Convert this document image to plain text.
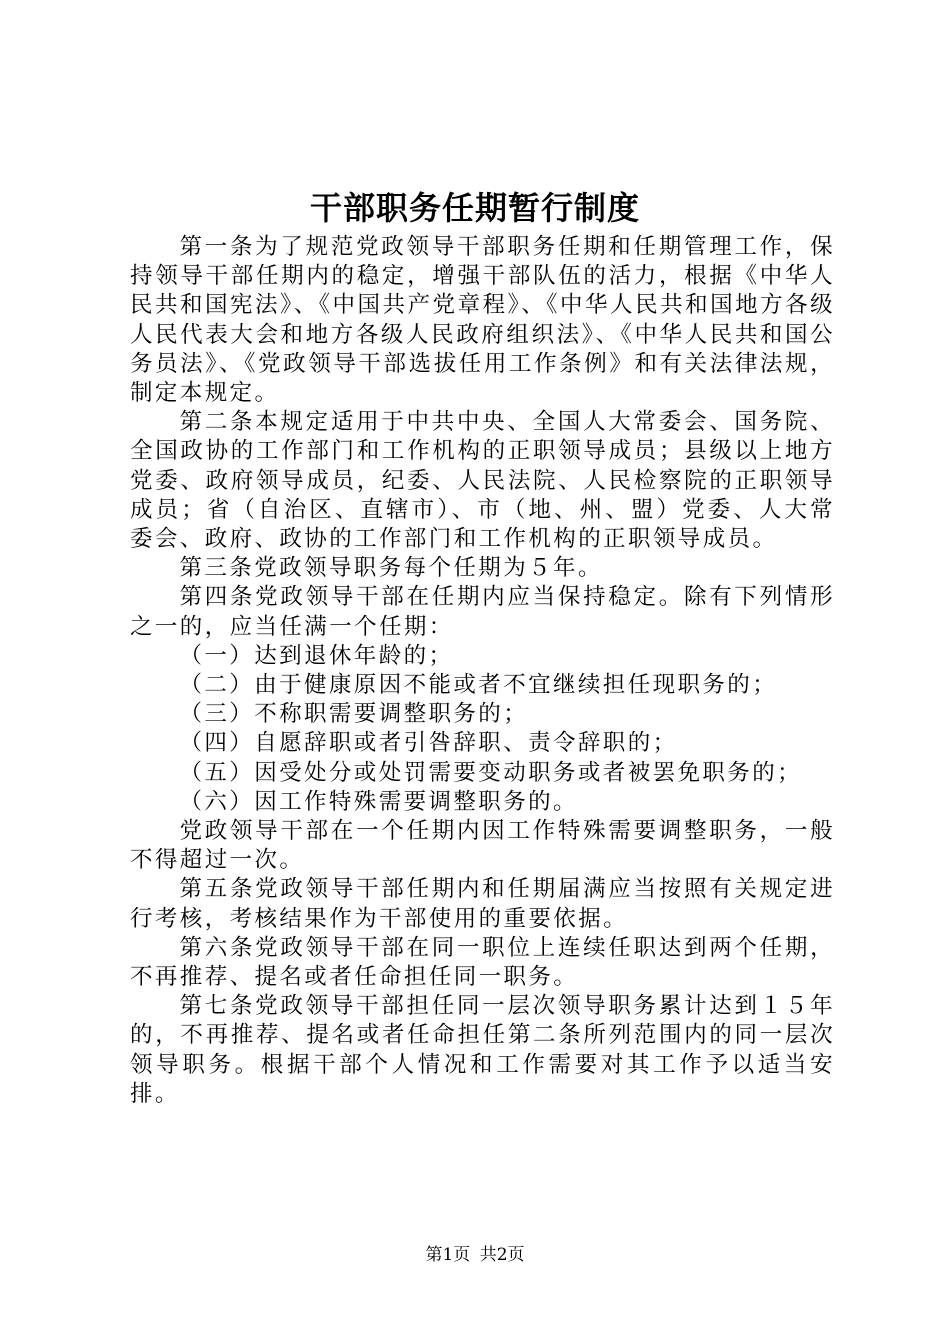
干部职务任期暂行制度

第一条为了规范党政领导干部职务任期和任期管理工作，保持领导干部任期内的稳定，增强干部队伍的活力，根据《中华人民共和国宪法》、《中国共产党章程》、《中华人民共和国地方各级人民代表大会和地方各级人民政府组织法》、《中华人民共和国公务员法》、《党政领导干部选拔任用工作条例》和有关法律法规，制定本规定。

第二条本规定适用于中共中央、全国人大常委会、国务院、全国政协的工作部门和工作机构的正职领导成员；县级以上地方党委、政府领导成员，纪委、人民法院、人民检察院的正职领导成员；省（自治区、直辖市）、市（地、州、盟）党委、人大常委会、政府、政协的工作部门和工作机构的正职领导成员。

第三条党政领导职务每个任期为５年。

第四条党政领导干部在任期内应当保持稳定。除有下列情形之一的，应当任满一个任期：

（一）达到退休年龄的；

（二）由于健康原因不能或者不宜继续担任现职务的；

（三）不称职需要调整职务的；

（四）自愿辞职或者引咎辞职、责令辞职的；

（五）因受处分或处罚需要变动职务或者被罢免职务的；

（六）因工作特殊需要调整职务的。

党政领导干部在一个任期内因工作特殊需要调整职务，一般不得超过一次。

第五条党政领导干部任期内和任期届满应当按照有关规定进行考核，考核结果作为干部使用的重要依据。

第六条党政领导干部在同一职位上连续任职达到两个任期，不再推荐、提名或者任命担任同一职务。

第七条党政领导干部担任同一层次领导职务累计达到１５年的，不再推荐、提名或者任命担任第二条所列范围内的同一层次领导职务。根据干部个人情况和工作需要对其工作予以适当安排。

第1页 共2页
